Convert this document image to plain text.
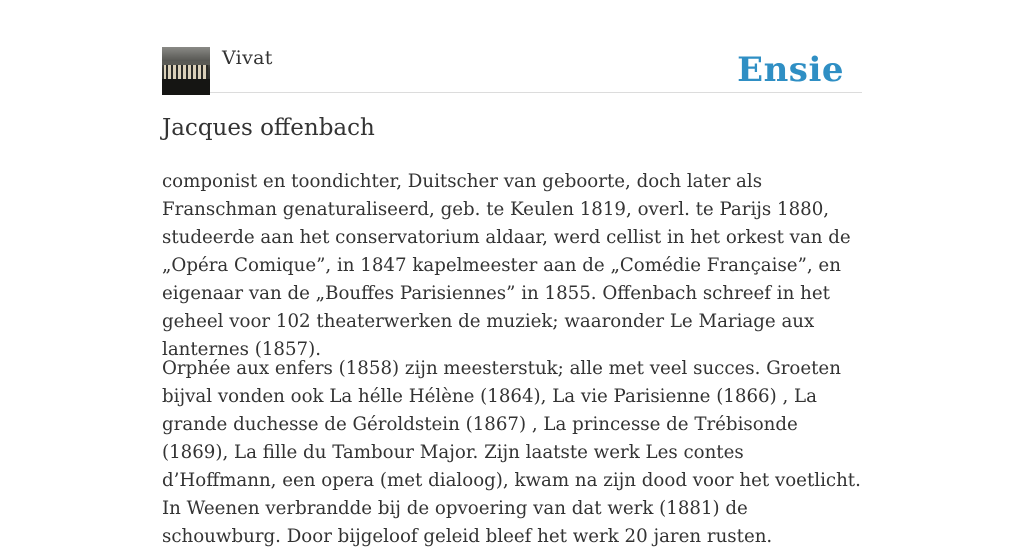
Vivat	Ensie
Jacques offenbach

componist en toondichter, Duitscher van geboorte, doch later als Franschman genaturaliseerd, geb. te Keulen 1819, overl. te Parijs 1880, studeerde aan het conservatorium aldaar, werd cellist in het orkest van de „Opéra Comique”, in 1847 kapelmeester aan de „Comédie Française”, en eigenaar van de „Bouffes Parisiennes” in 1855. Offenbach schreef in het geheel voor 102 theaterwerken de muziek; waaronder Le Mariage aux lanternes (1857).

Orphée aux enfers (1858) zijn meesterstuk; alle met veel succes. Groeten bijval vonden ook La hélle Hélène (1864), La vie Parisienne (1866) , La grande duchesse de Géroldstein (1867) , La princesse de Trébisonde (1869), La fille du Tambour Major. Zijn laatste werk Les contes d’Hoffmann, een opera (met dialoog), kwam na zijn dood voor het voetlicht. In Weenen verbrandde bij de opvoering van dat werk (1881) de schouwburg. Door bijgeloof geleid bleef het werk 20 jaren rusten.
